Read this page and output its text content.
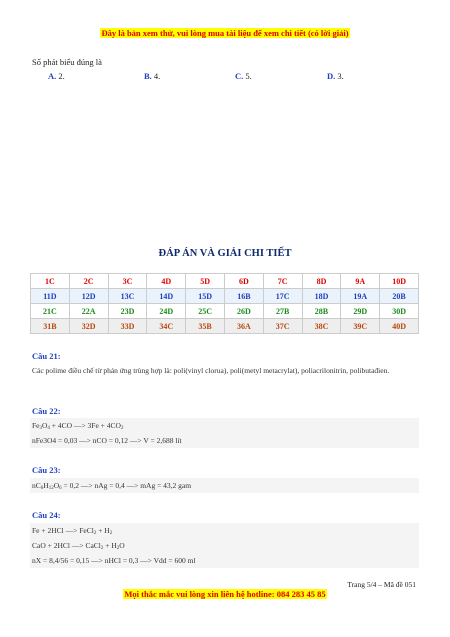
Đây là bản xem thử, vui lòng mua tài liệu để xem chi tiết (có lời giải)
Số phát biểu đúng là
A. 2.	B. 4.	C. 5.	D. 3.
ĐÁP ÁN VÀ GIẢI CHI TIẾT
1C	2C	3C	4D	5D	6D	7C	8D	9A	10D
11D	12D	13C	14D	15D	16B	17C	18D	19A	20B
21C	22A	23D	24D	25C	26D	27B	28B	29D	30D
31B	32D	33D	34C	35B	36A	37C	38C	39C	40D
Câu 21:
Các polime điều chế từ phản ứng trùng hợp là: poli(vinyl clorua), poli(metyl metacrylat), poliacrilonitrin, polibutađien.
Câu 22:
$Fe_3O_4 + 4CO$ —> $3Fe + 4CO_2$
nFe3O4 = 0,03 —> nCO = 0,12 —> V = 2,688 lít
Câu 23:
$nC_6H_{12}O_6 = 0,2$ —> nAg = 0,4 —> mAg = 43,2 gam
Câu 24:
Fe + 2HCl —> FeCl$_2$ + $H_2$
CaO + 2HCl —> CaCl$_2$ + $H_2O$
nX = 8,4/56 = 0,15 —> nHCl = 0,3 —> Vdd = 600 ml
Trang 5/4 – Mã đề 051
Mọi thắc mắc vui lòng xin liên hệ hotline: 084 283 45 85
